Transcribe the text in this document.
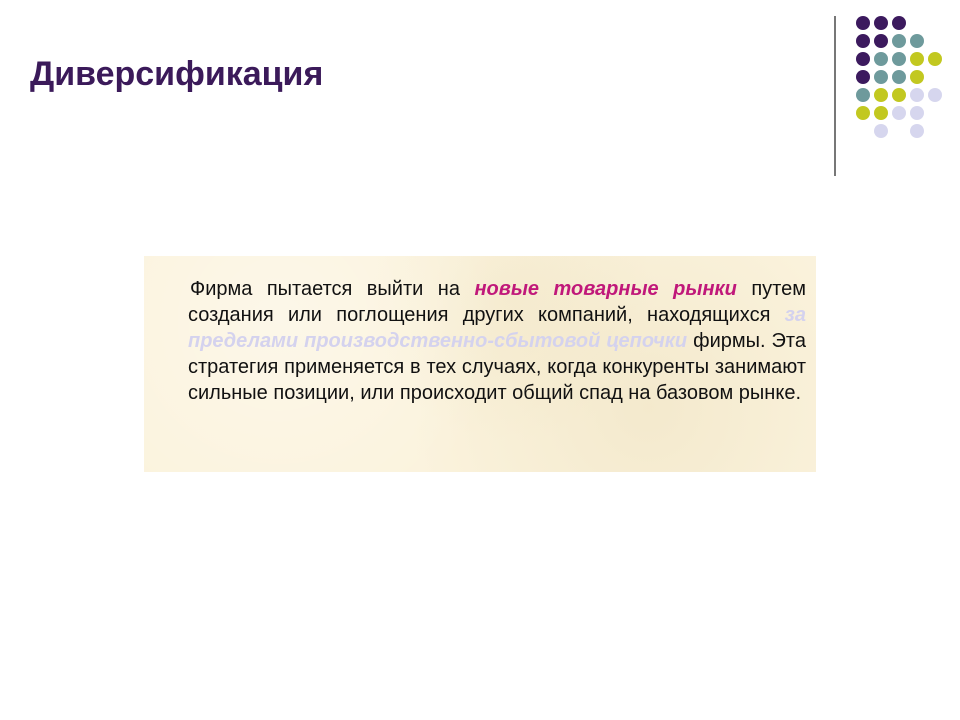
Диверсификация

Фирма пытается выйти на новые товарные рынки путем создания или поглощения других компаний, находящихся за пределами производственно-сбытовой цепочки фирмы. Эта стратегия применяется в тех случаях, когда конкуренты занимают сильные позиции, или происходит общий спад на базовом рынке.
